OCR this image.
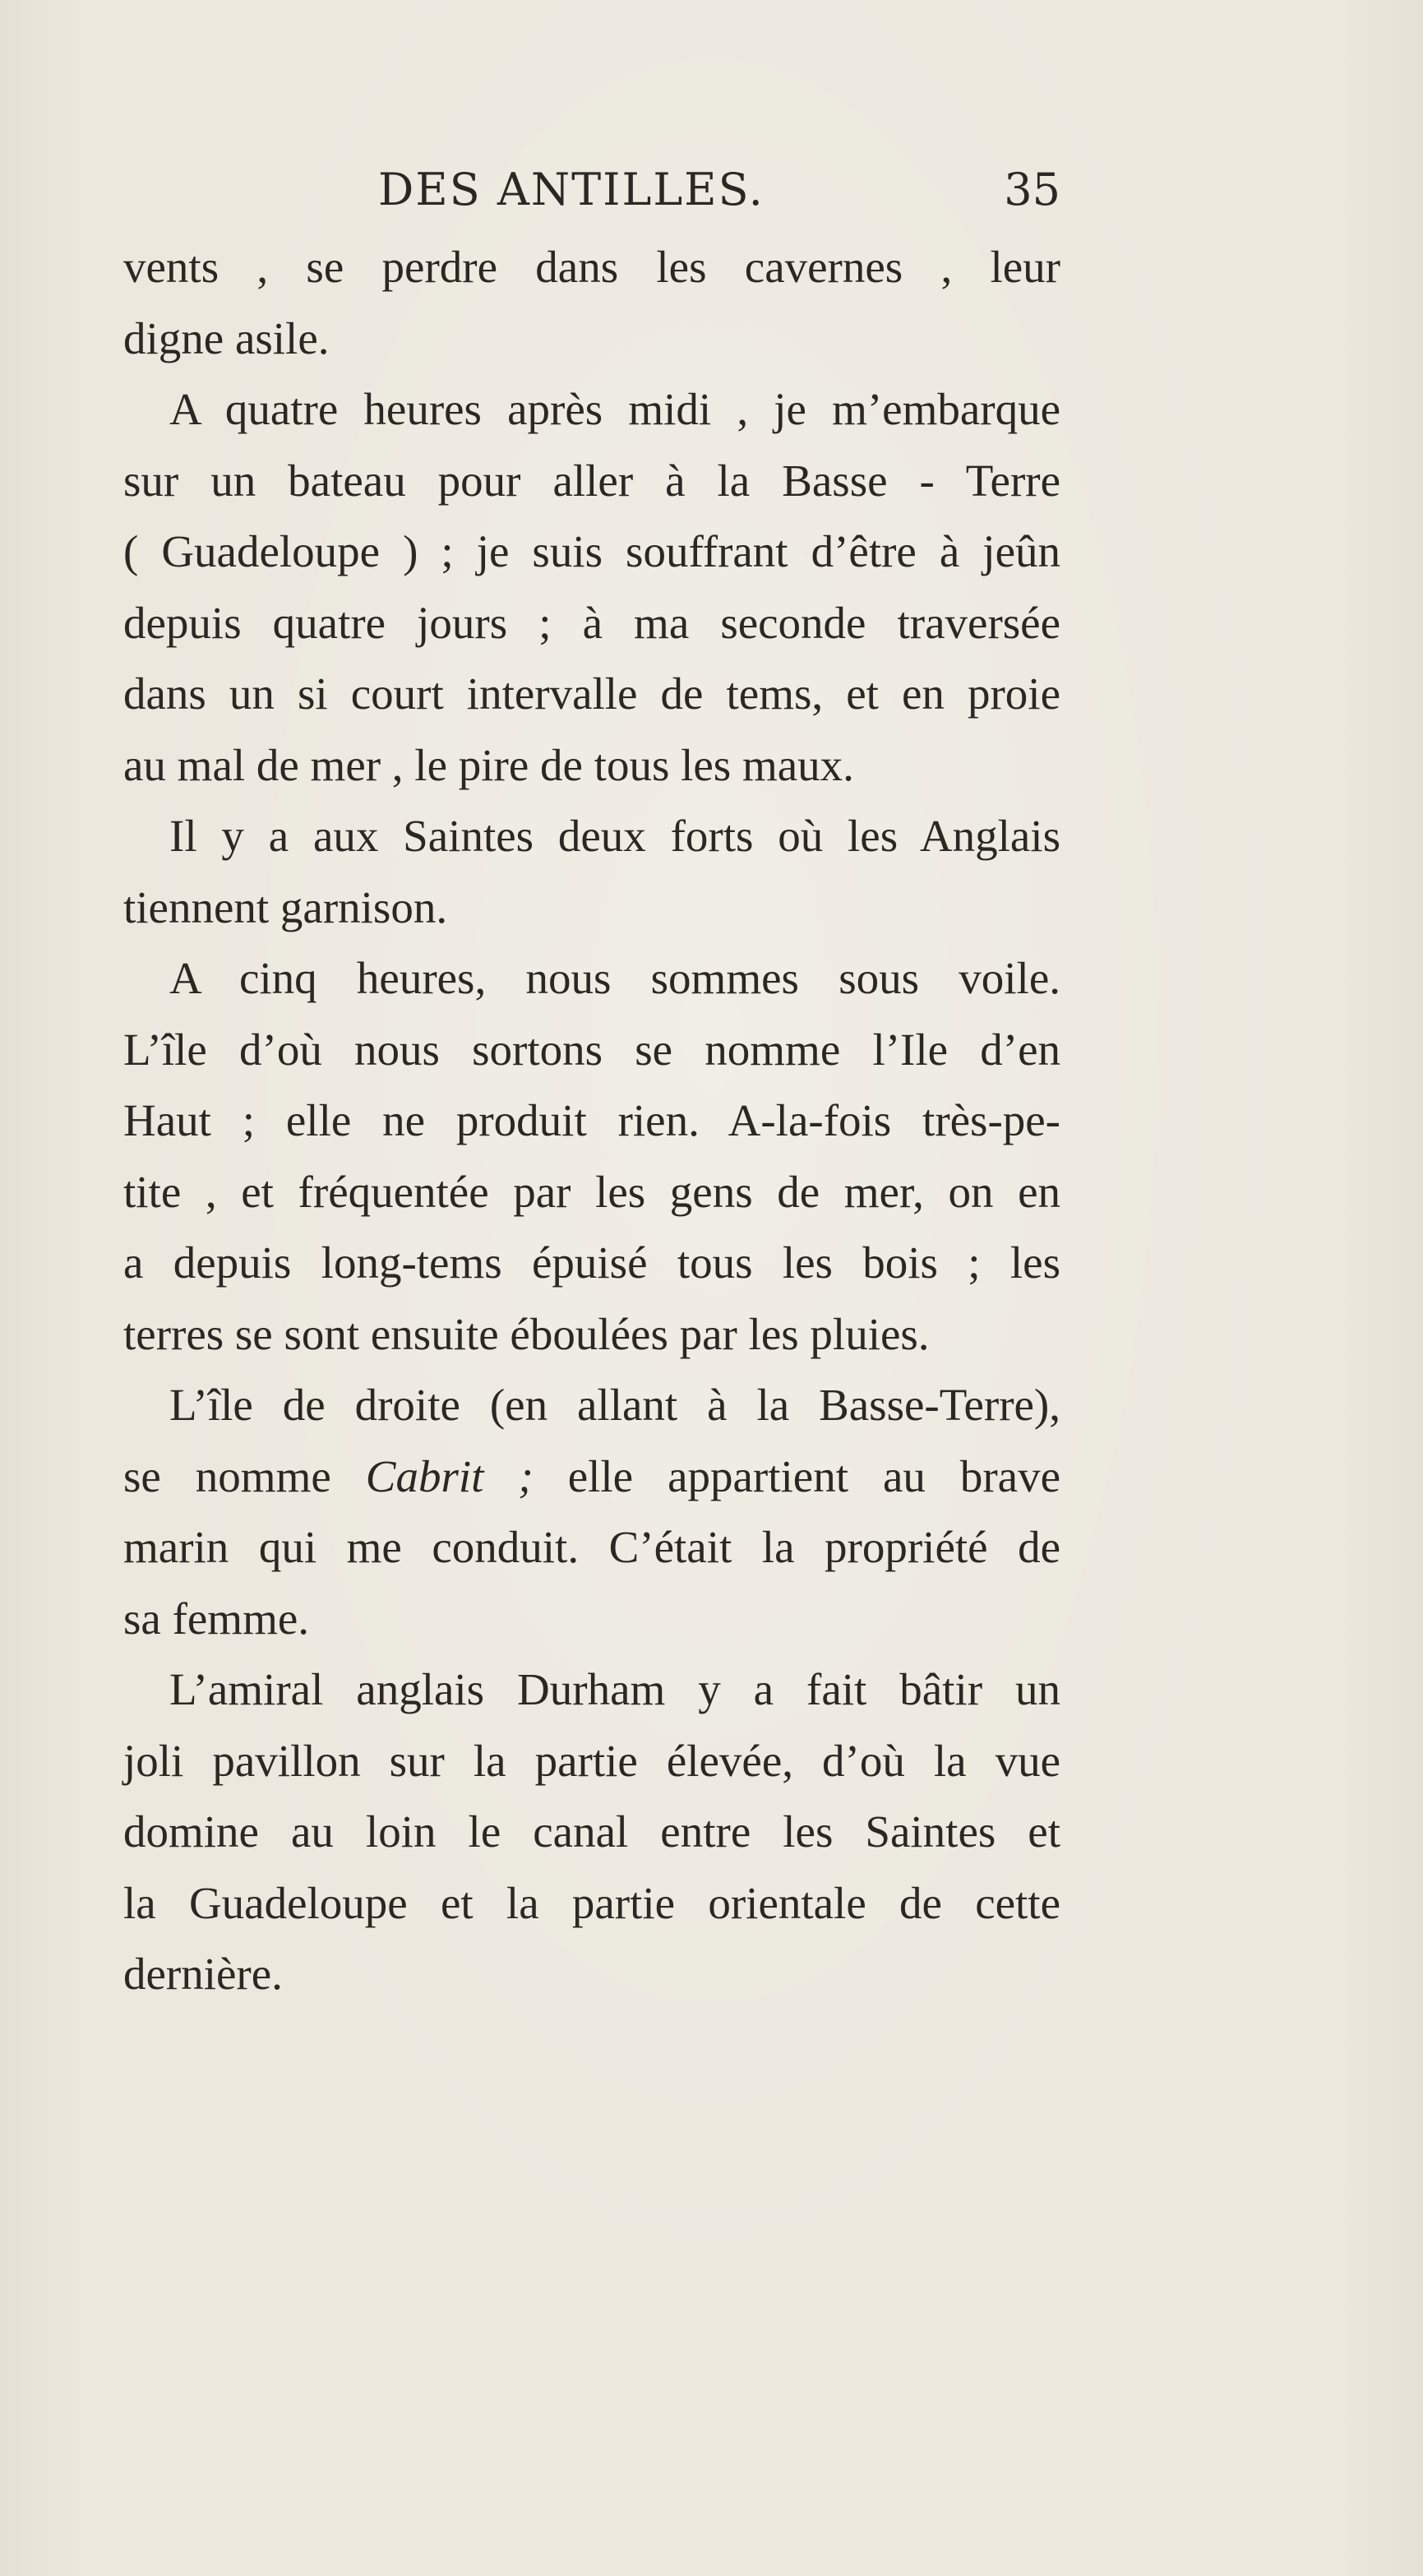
DES ANTILLES.	35
vents , se perdre dans les cavernes , leur
digne asile.
A quatre heures après midi , je m’embarque
sur un bateau pour aller à la Basse - Terre
( Guadeloupe ) ; je suis souffrant d’être à jeûn
depuis quatre jours ; à ma seconde traversée
dans un si court intervalle de tems, et en proie
au mal de mer , le pire de tous les maux.
Il y a aux Saintes deux forts où les Anglais
tiennent garnison.
A cinq heures, nous sommes sous voile.
L’île d’où nous sortons se nomme l’Ile d’en
Haut ; elle ne produit rien. A-la-fois très-pe-
tite , et fréquentée par les gens de mer, on en
a depuis long-tems épuisé tous les bois ; les
terres se sont ensuite éboulées par les pluies.
L’île de droite (en allant à la Basse-Terre),
se nomme Cabrit ; elle appartient au brave
marin qui me conduit. C’était la propriété de
sa femme.
L’amiral anglais Durham y a fait bâtir un
joli pavillon sur la partie élevée, d’où la vue
domine au loin le canal entre les Saintes et
la Guadeloupe et la partie orientale de cette
dernière.
